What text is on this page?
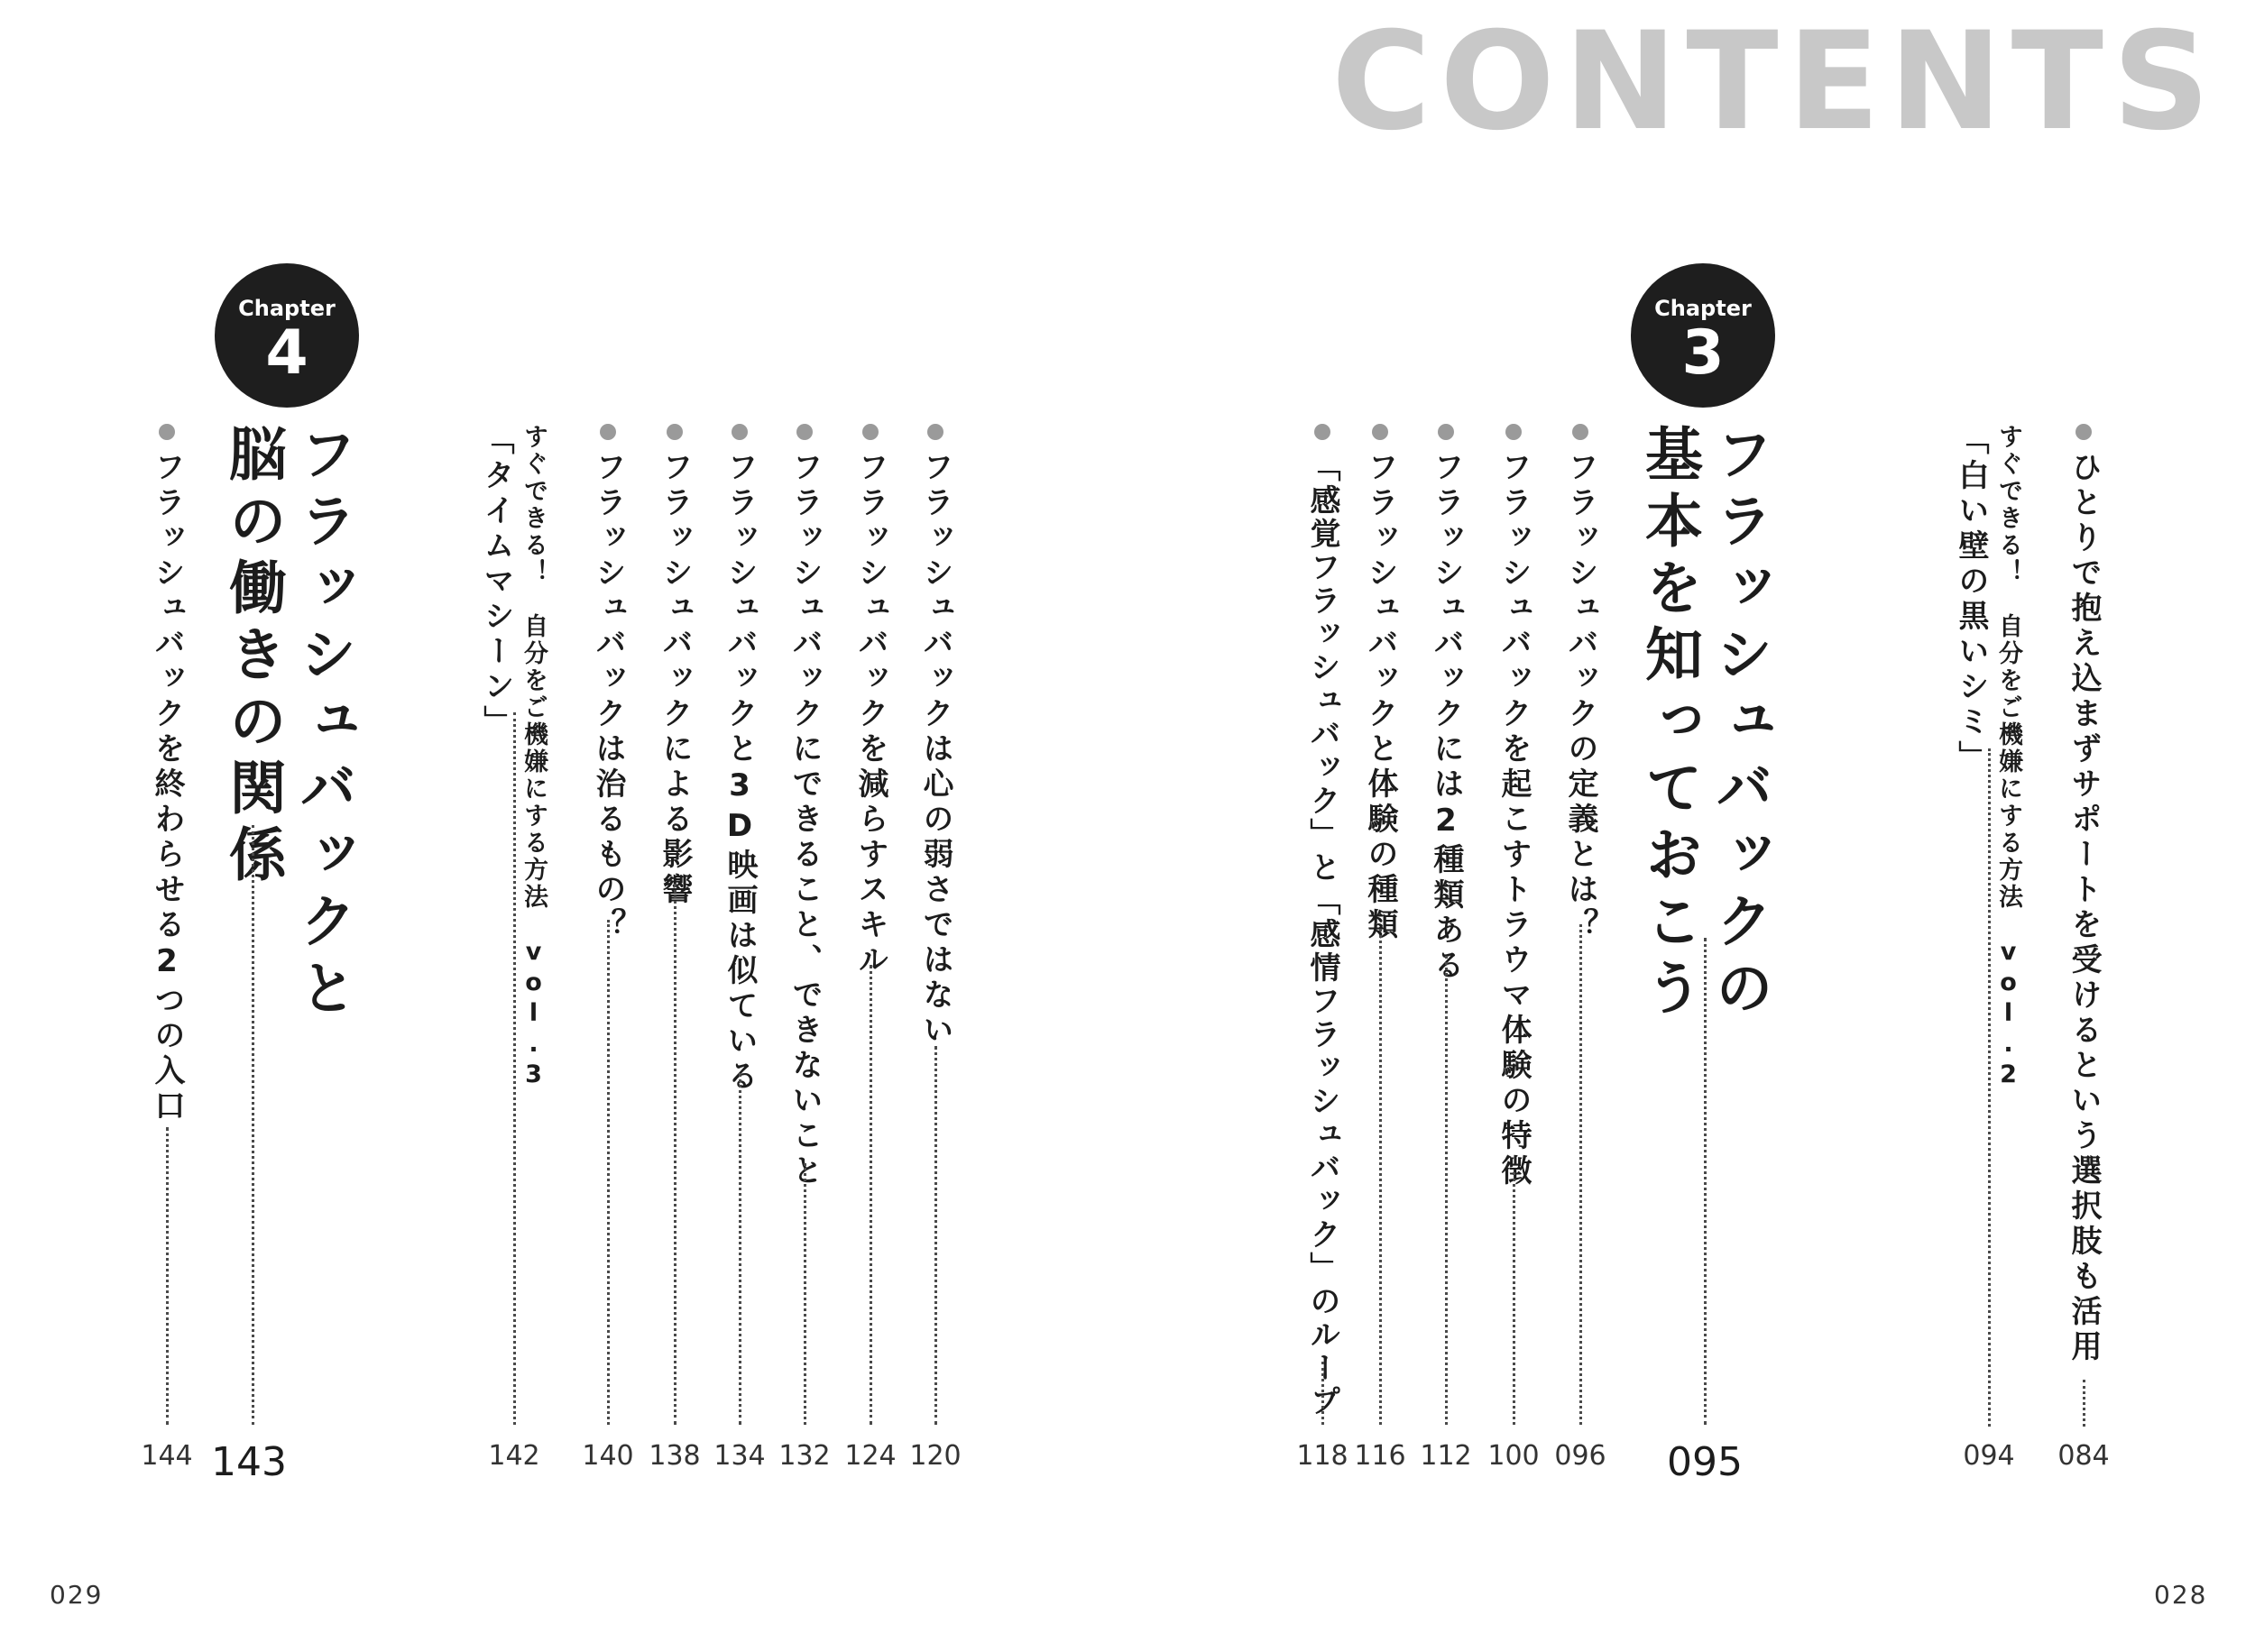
CONTENTS
Chapter
3
Chapter
4
ひとりで抱え込まずサポートを受けるという選択肢も活用
084
すぐできる！　自分をご機嫌にする方法　vol.2
「白い壁の黒いシミ」
094
フラッシュバックの
基本を知っておこう
095
フラッシュバックの定義とは？
096
フラッシュバックを起こすトラウマ体験の特徴
100
フラッシュバックには2種類ある
112
フラッシュバックと体験の種類
116
「感覚フラッシュバック」と「感情フラッシュバック」のループ
118
028
フラッシュバックは心の弱さではない
120
フラッシュバックを減らすスキル
124
フラッシュバックにできること、できないこと
132
フラッシュバックと3D映画は似ている
134
フラッシュバックによる影響
138
フラッシュバックは治るもの？
140
すぐできる！　自分をご機嫌にする方法　vol.3
「タイムマシーン」
142
フラッシュバックと
脳の働きの関係
143
フラッシュバックを終わらせる2つの入口
144
029
